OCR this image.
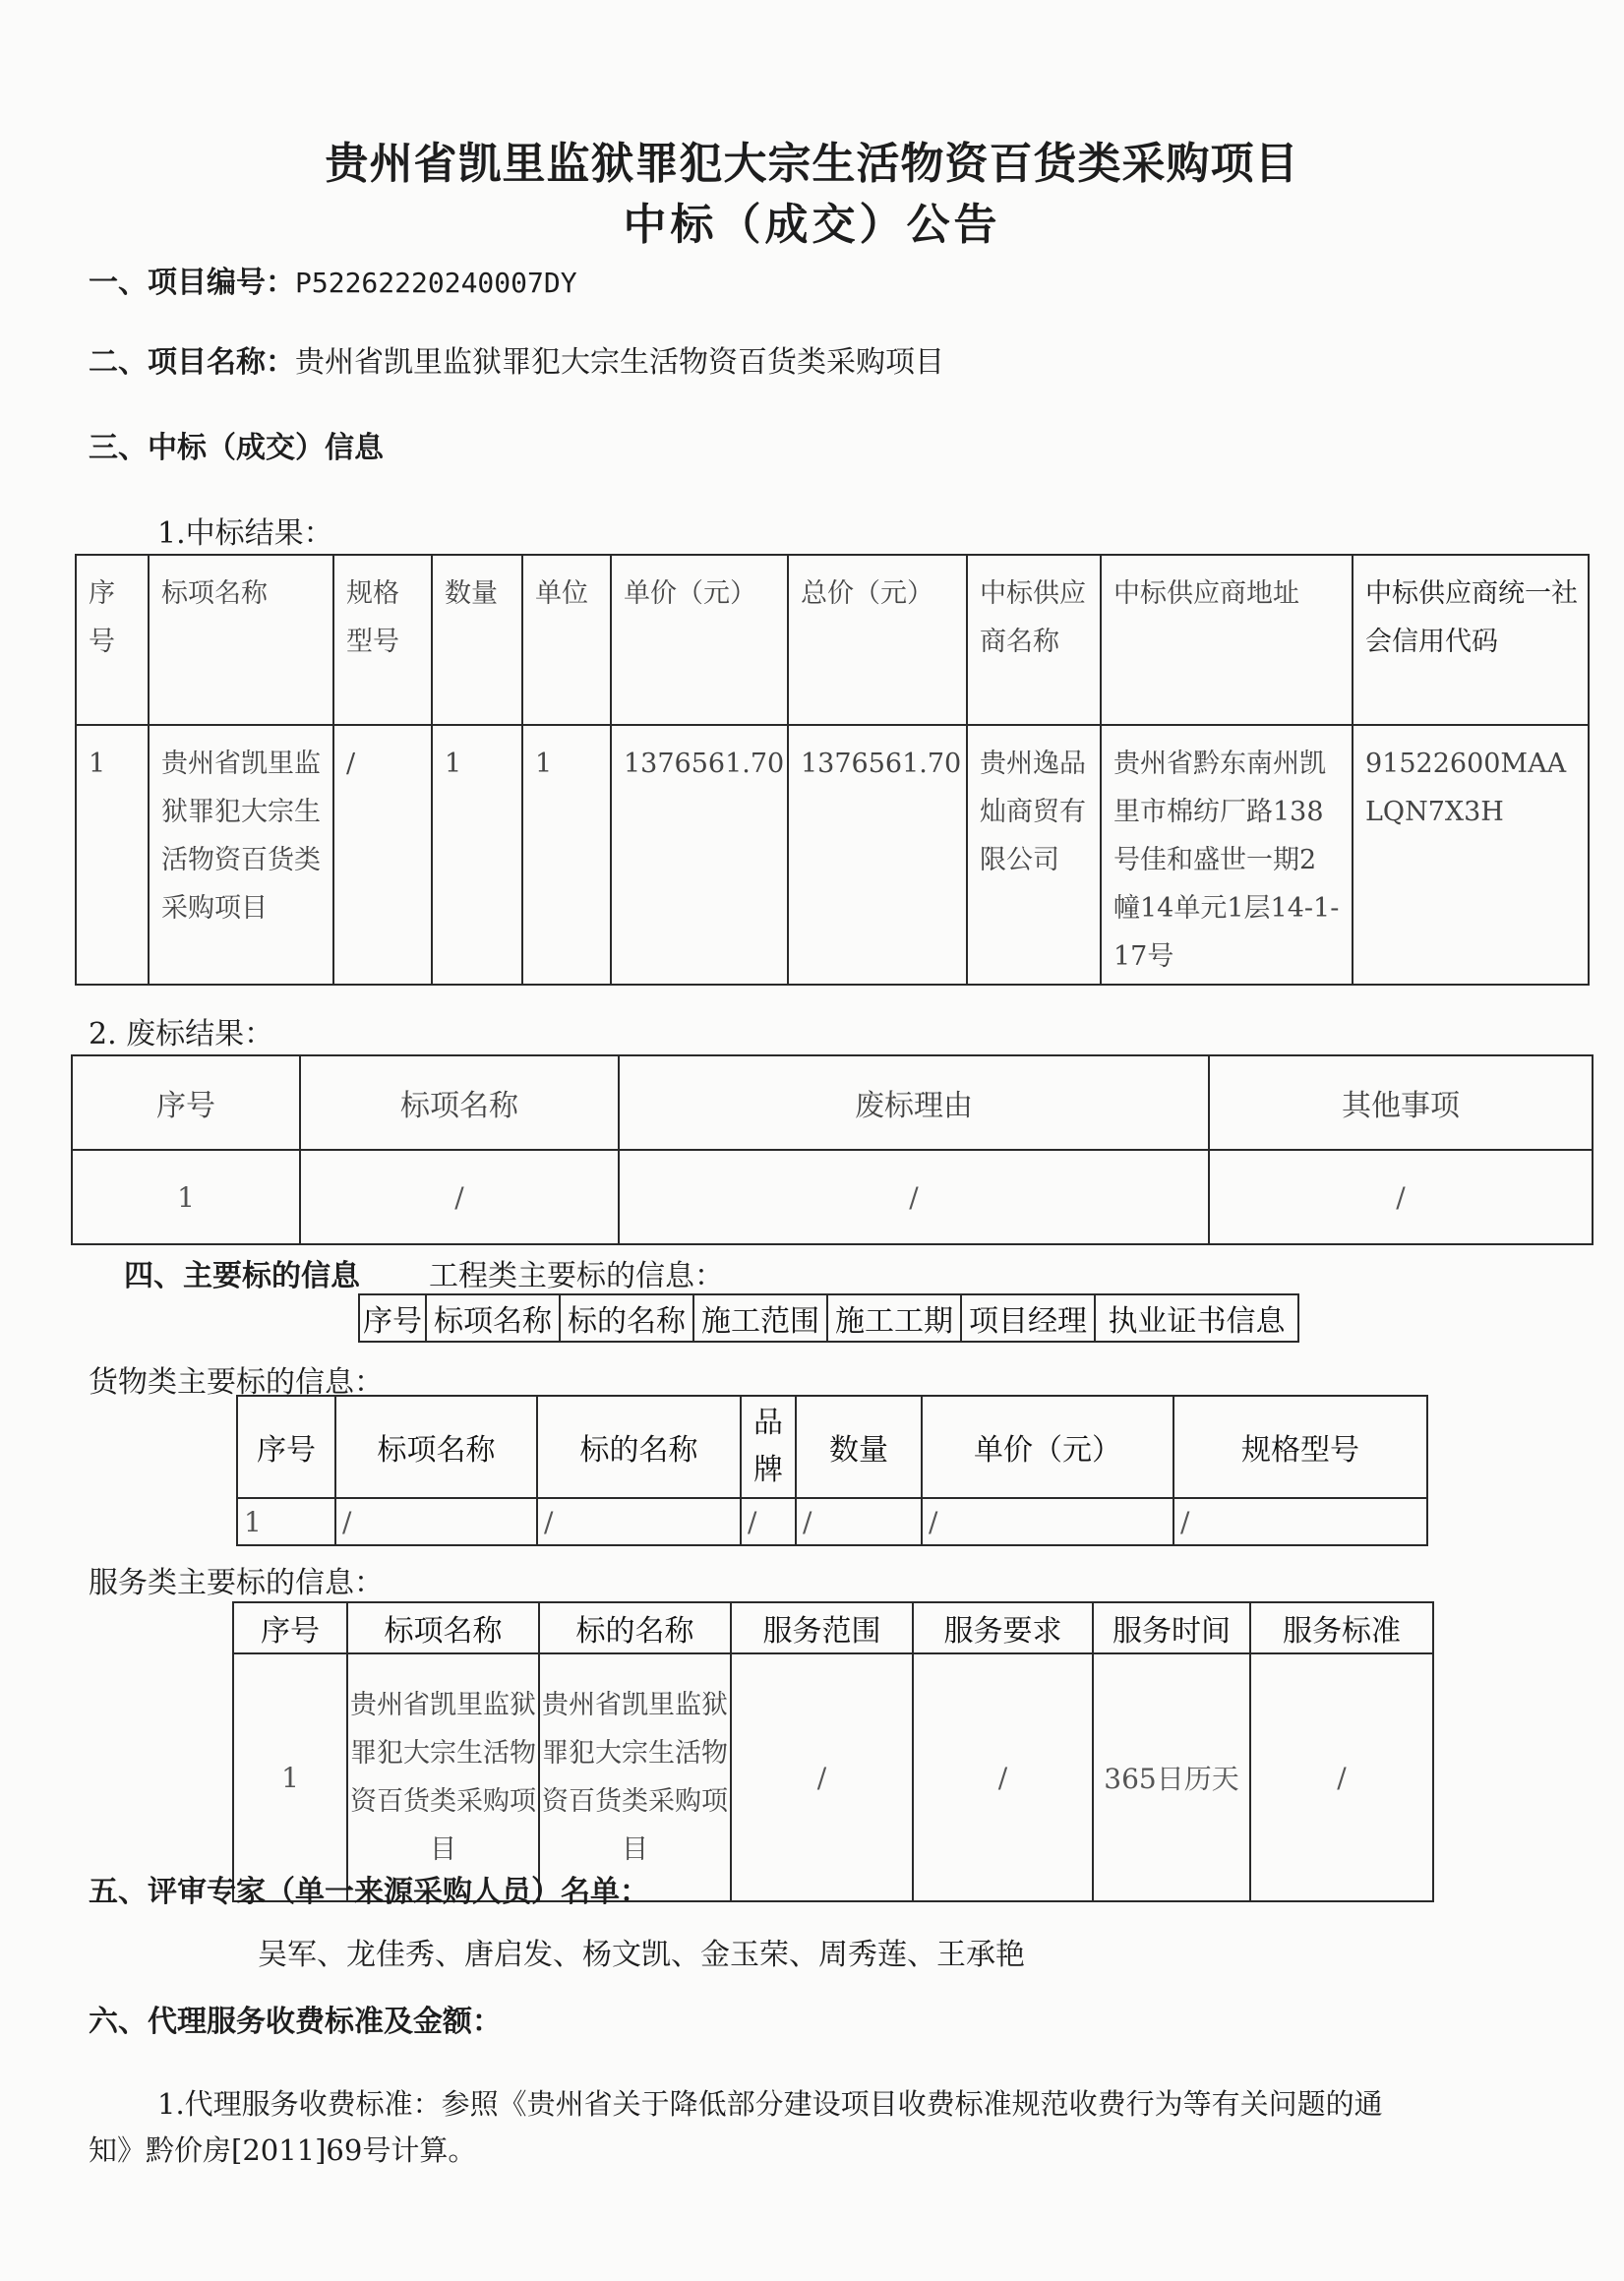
贵州省凯里监狱罪犯大宗生活物资百货类采购项目
中标（成交）公告
一、项目编号：P52262220240007DY
二、项目名称：贵州省凯里监狱罪犯大宗生活物资百货类采购项目
三、中标（成交）信息
1.中标结果：
序号	标项名称	规格型号	数量	单位	单价（元）	总价（元）	中标供应商名称	中标供应商地址	中标供应商统一社会信用代码
1	贵州省凯里监狱罪犯大宗生活物资百货类采购项目	/	1	1	1376561.70	1376561.70	贵州逸品灿商贸有限公司	贵州省黔东南州凯里市棉纺厂路138号佳和盛世一期2幢14单元1层14-1-17号	91522600MAALQN7X3H
2. 废标结果：
序号	标项名称	废标理由	其他事项
1	/	/	/
四、主要标的信息 工程类主要标的信息：
序号	标项名称	标的名称	施工范围	施工工期	项目经理	执业证书信息
货物类主要标的信息：
序号	标项名称	标的名称	品牌	数量	单价（元）	规格型号
1	/	/	/	/	/	/
服务类主要标的信息：
序号	标项名称	标的名称	服务范围	服务要求	服务时间	服务标准
1	贵州省凯里监狱罪犯大宗生活物资百货类采购项目	贵州省凯里监狱罪犯大宗生活物资百货类采购项目	/	/	365日历天	/
五、评审专家（单一来源采购人员）名单：
吴军、龙佳秀、唐启发、杨文凯、金玉荣、周秀莲、王承艳
六、代理服务收费标准及金额：
1.代理服务收费标准：参照《贵州省关于降低部分建设项目收费标准规范收费行为等有关问题的通
知》黔价房[2011]69号计算。
